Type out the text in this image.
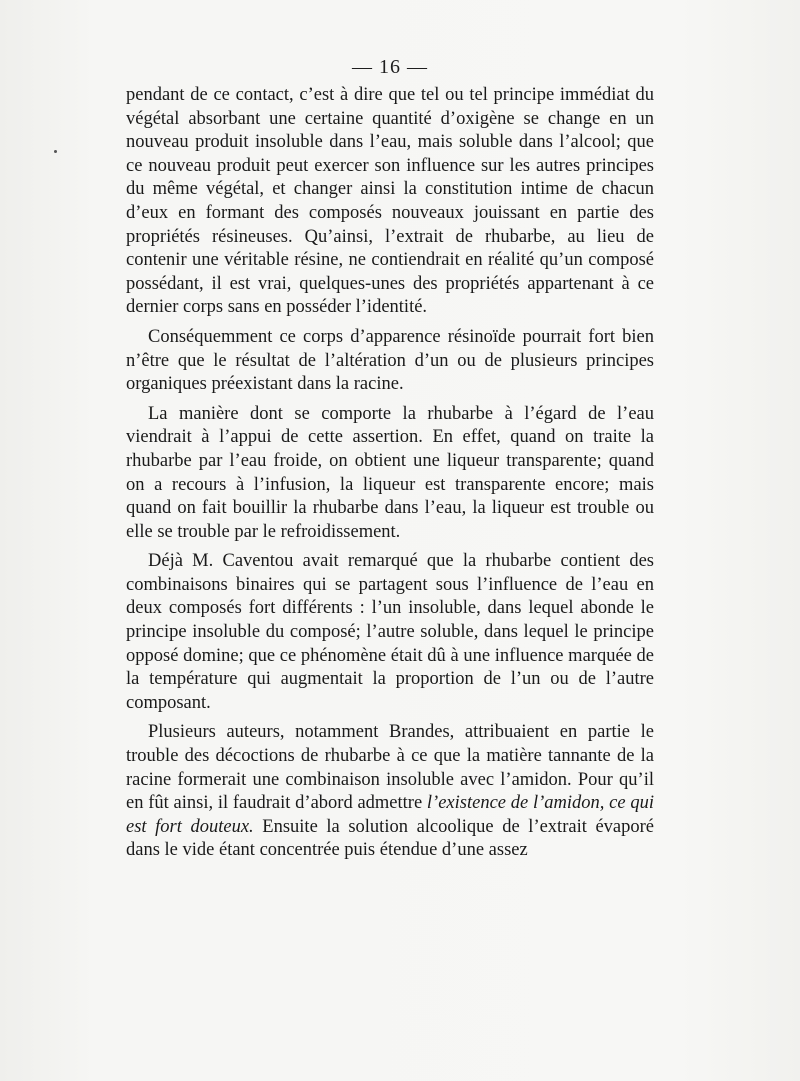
— 16 —

pendant de ce contact, c’est à dire que tel ou tel principe immédiat du végétal absorbant une certaine quantité d’oxigène se change en un nouveau produit insoluble dans l’eau, mais soluble dans l’alcool; que ce nouveau produit peut exercer son influence sur les autres principes du même végétal, et changer ainsi la constitution intime de chacun d’eux en formant des composés nouveaux jouissant en partie des propriétés résineuses. Qu’ainsi, l’extrait de rhubarbe, au lieu de contenir une véritable résine, ne contiendrait en réalité qu’un composé possédant, il est vrai, quelques-unes des propriétés appartenant à ce dernier corps sans en posséder l’identité.

Conséquemment ce corps d’apparence résinoïde pourrait fort bien n’être que le résultat de l’altération d’un ou de plusieurs principes organiques préexistant dans la racine.

La manière dont se comporte la rhubarbe à l’égard de l’eau viendrait à l’appui de cette assertion. En effet, quand on traite la rhubarbe par l’eau froide, on obtient une liqueur transparente; quand on a recours à l’infusion, la liqueur est transparente encore; mais quand on fait bouillir la rhubarbe dans l’eau, la liqueur est trouble ou elle se trouble par le refroidissement.

Déjà M. Caventou avait remarqué que la rhubarbe contient des combinaisons binaires qui se partagent sous l’influence de l’eau en deux composés fort différents : l’un insoluble, dans lequel abonde le principe insoluble du composé; l’autre soluble, dans lequel le principe opposé domine; que ce phénomène était dû à une influence marquée de la température qui augmentait la proportion de l’un ou de l’autre composant.

Plusieurs auteurs, notamment Brandes, attribuaient en partie le trouble des décoctions de rhubarbe à ce que la matière tannante de la racine formerait une combinaison insoluble avec l’amidon. Pour qu’il en fût ainsi, il faudrait d’abord admettre l’existence de l’amidon, ce qui est fort douteux. Ensuite la solution alcoolique de l’extrait évaporé dans le vide étant concentrée puis étendue d’une assez
